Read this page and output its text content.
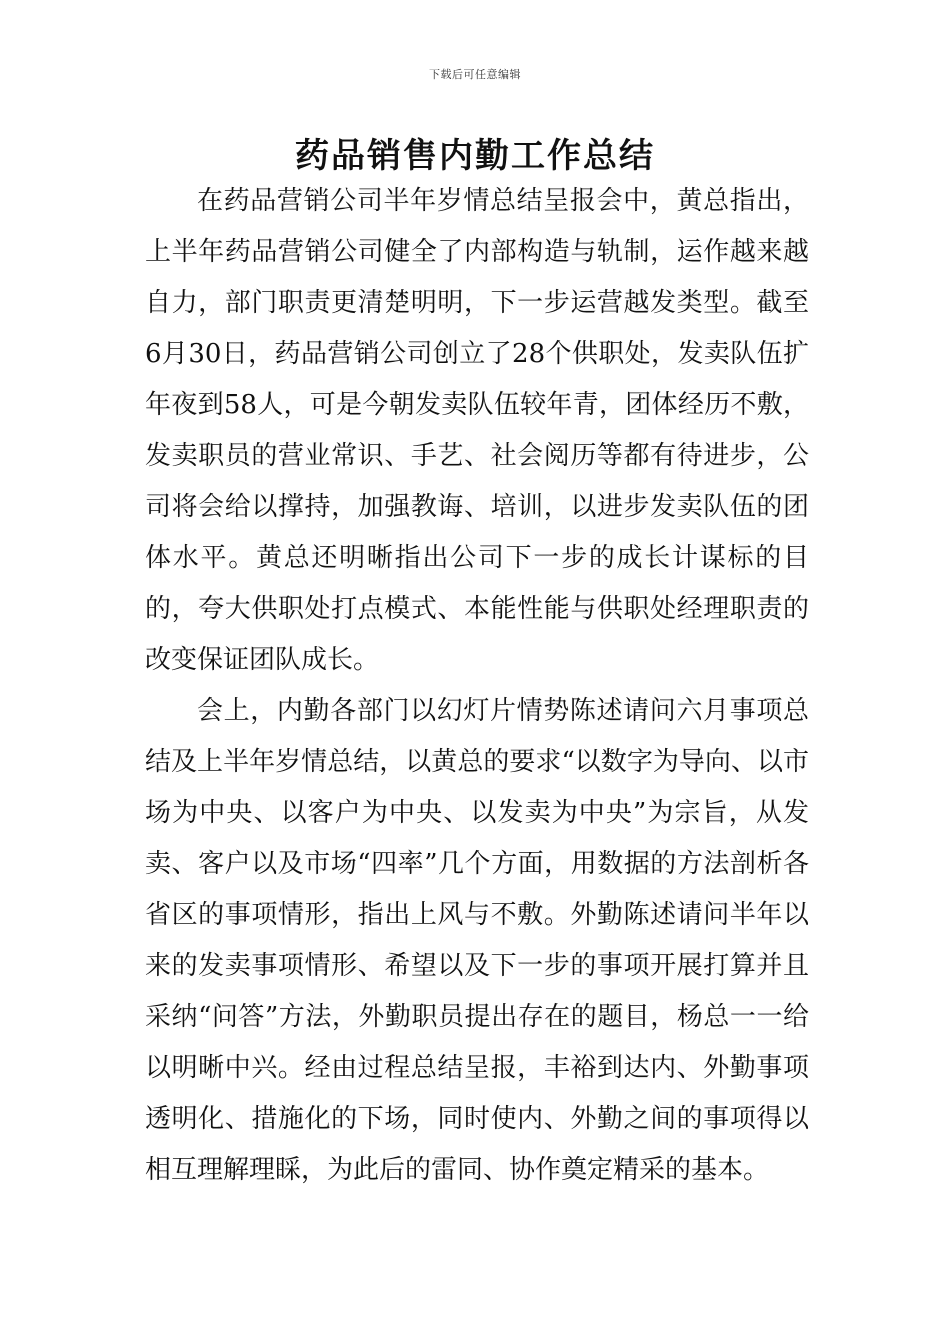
下载后可任意编辑
药品销售内勤工作总结

在药品营销公司半年岁情总结呈报会中，黄总指出，上半年药品营销公司健全了内部构造与轨制，运作越来越自力，部门职责更清楚明明，下一步运营越发类型。截至6月30日，药品营销公司创立了28个供职处，发卖队伍扩年夜到58人，可是今朝发卖队伍较年青，团体经历不敷，发卖职员的营业常识、手艺、社会阅历等都有待进步，公司将会给以撑持，加强教诲、培训，以进步发卖队伍的团体水平。黄总还明晰指出公司下一步的成长计谋标的目的，夸大供职处打点模式、本能性能与供职处经理职责的改变保证团队成长。

会上，内勤各部门以幻灯片情势陈述请问六月事项总结及上半年岁情总结，以黄总的要求“以数字为导向、以市场为中央、以客户为中央、以发卖为中央”为宗旨，从发卖、客户以及市场“四率”几个方面，用数据的方法剖析各省区的事项情形，指出上风与不敷。外勤陈述请问半年以来的发卖事项情形、希望以及下一步的事项开展打算并且采纳“问答”方法，外勤职员提出存在的题目，杨总一一给以明晰中兴。经由过程总结呈报，丰裕到达内、外勤事项透明化、措施化的下场，同时使内、外勤之间的事项得以相互理解理睬，为此后的雷同、协作奠定精采的基本。
